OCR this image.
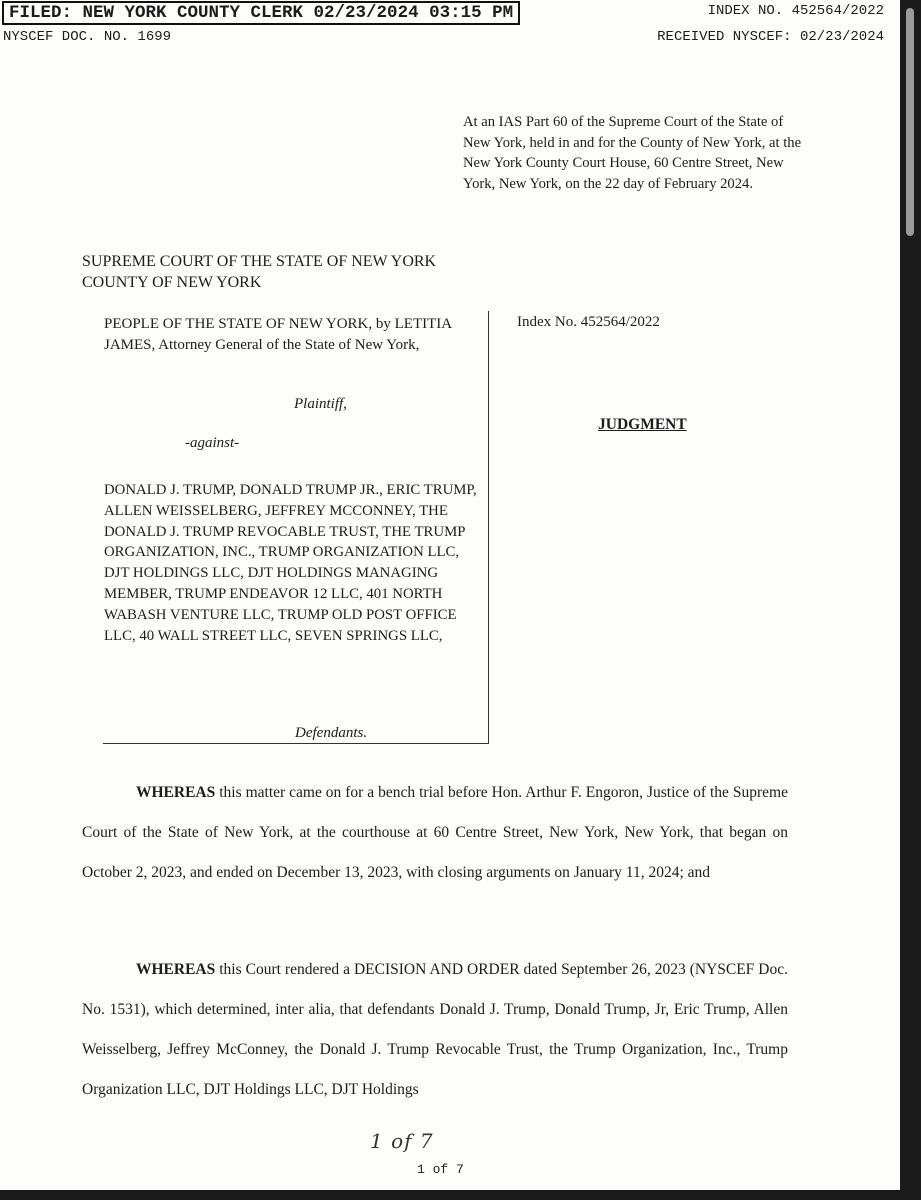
FILED: NEW YORK COUNTY CLERK 02/23/2024 03:15 PM	INDEX NO. 452564/2022
NYSCEF DOC. NO. 1699	RECEIVED NYSCEF: 02/23/2024

At an IAS Part 60 of the Supreme Court of the State of New York, held in and for the County of New York, at the New York County Court House, 60 Centre Street, New York, New York, on the 22 day of February 2024.

SUPREME COURT OF THE STATE OF NEW YORK
COUNTY OF NEW YORK
PEOPLE OF THE STATE OF NEW YORK, by LETITIA JAMES, Attorney General of the State of New York,
Plaintiff,
-against-
DONALD J. TRUMP, DONALD TRUMP JR., ERIC TRUMP, ALLEN WEISSELBERG, JEFFREY MCCONNEY, THE DONALD J. TRUMP REVOCABLE TRUST, THE TRUMP ORGANIZATION, INC., TRUMP ORGANIZATION LLC, DJT HOLDINGS LLC, DJT HOLDINGS MANAGING MEMBER, TRUMP ENDEAVOR 12 LLC, 401 NORTH WABASH VENTURE LLC, TRUMP OLD POST OFFICE LLC, 40 WALL STREET LLC, SEVEN SPRINGS LLC,
Defendants.
Index No. 452564/2022
JUDGMENT

WHEREAS this matter came on for a bench trial before Hon. Arthur F. Engoron, Justice of the Supreme Court of the State of New York, at the courthouse at 60 Centre Street, New York, New York, that began on October 2, 2023, and ended on December 13, 2023, with closing arguments on January 11, 2024; and

WHEREAS this Court rendered a DECISION AND ORDER dated September 26, 2023 (NYSCEF Doc. No. 1531), which determined, inter alia, that defendants Donald J. Trump, Donald Trump, Jr, Eric Trump, Allen Weisselberg, Jeffrey McConney, the Donald J. Trump Revocable Trust, the Trump Organization, Inc., Trump Organization LLC, DJT Holdings LLC, DJT Holdings

1 of 7
1 of 7
